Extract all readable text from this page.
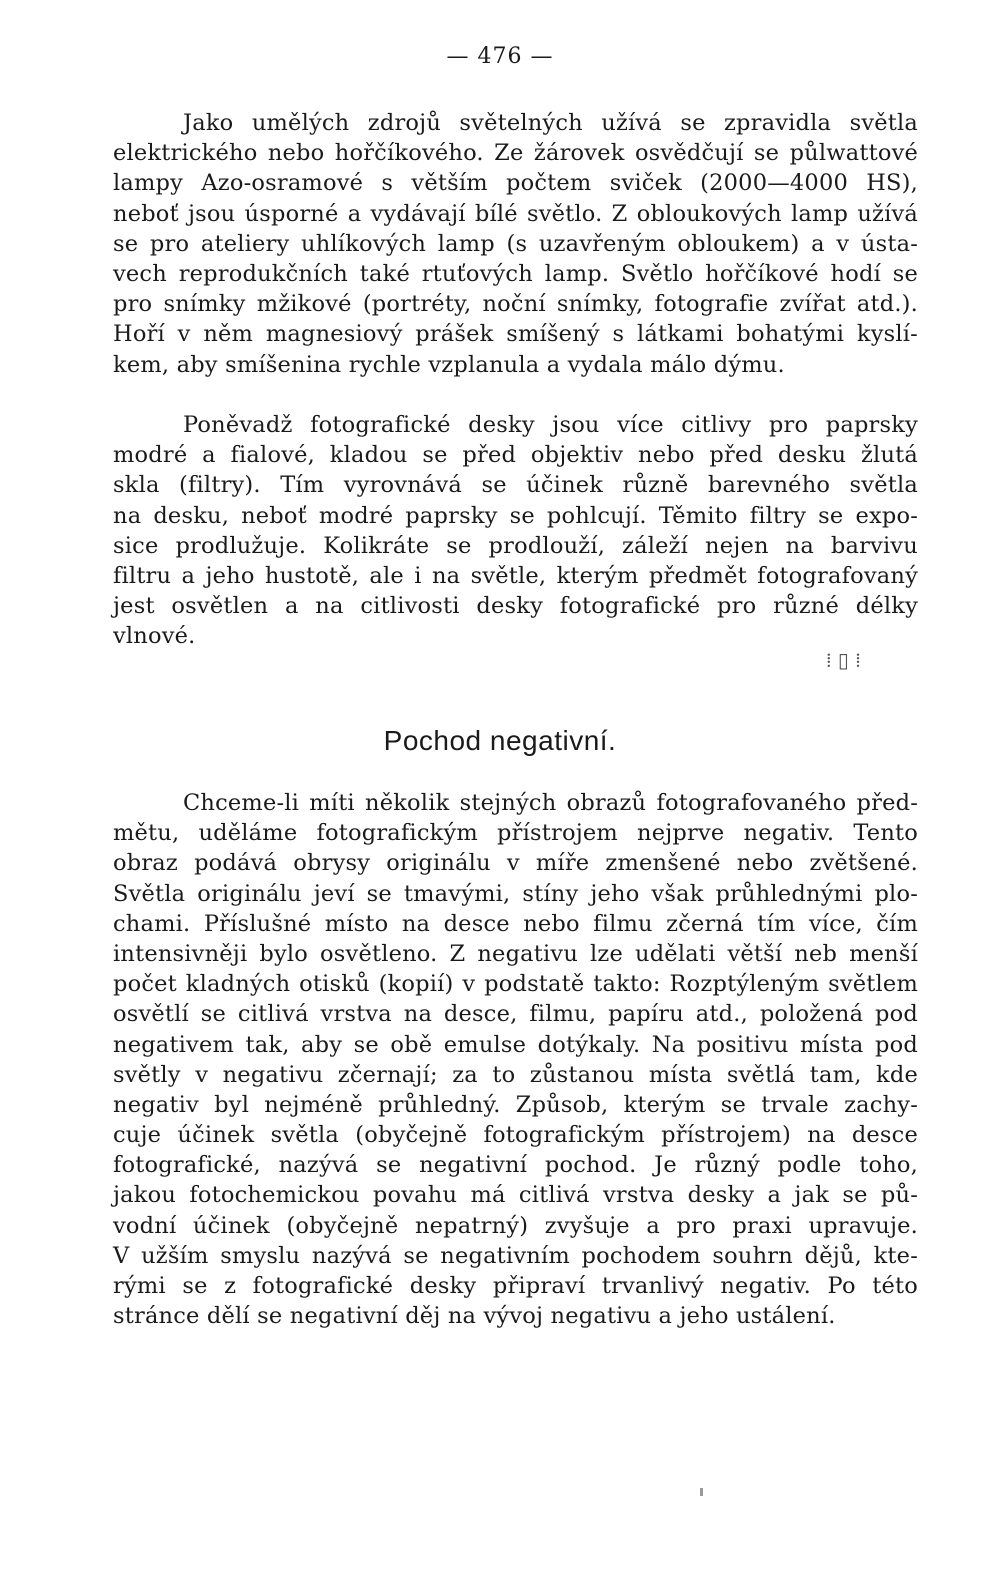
— 476 —
Jako umělých zdrojů světelných užívá se zpravidla světla
elektrického nebo hořčíkového. Ze žárovek osvědčují se půlwattové
lampy Azo-osramové s větším počtem sviček (2000—4000 HS),
neboť jsou úsporné a vydávají bílé světlo. Z obloukových lamp užívá
se pro ateliery uhlíkových lamp (s uzavřeným obloukem) a v ústa-
vech reprodukčních také rtuťových lamp. Světlo hořčíkové hodí se
pro snímky mžikové (portréty, noční snímky, fotografie zvířat atd.).
Hoří v něm magnesiový prášek smíšený s látkami bohatými kyslí-
kem, aby smíšenina rychle vzplanula a vydala málo dýmu.
Poněvadž fotografické desky jsou více citlivy pro paprsky
modré a fialové, kladou se před objektiv nebo před desku žlutá
skla (filtry). Tím vyrovnává se účinek různě barevného světla
na desku, neboť modré paprsky se pohlcují. Těmito filtry se expo-
sice prodlužuje. Kolikráte se prodlouží, záleží nejen na barvivu
filtru a jeho hustotě, ale i na světle, kterým předmět fotografovaný
jest osvětlen a na citlivosti desky fotografické pro různé délky
vlnové.
⁞ ▯ ⁞
Pochod negativní.
Chceme-li míti několik stejných obrazů fotografovaného před-
mětu, uděláme fotografickým přístrojem nejprve negativ. Tento
obraz podává obrysy originálu v míře zmenšené nebo zvětšené.
Světla originálu jeví se tmavými, stíny jeho však průhlednými plo-
chami. Příslušné místo na desce nebo filmu zčerná tím více, čím
intensivněji bylo osvětleno. Z negativu lze udělati větší neb menší
počet kladných otisků (kopií) v podstatě takto: Rozptýleným světlem
osvětlí se citlivá vrstva na desce, filmu, papíru atd., položená pod
negativem tak, aby se obě emulse dotýkaly. Na positivu místa pod
světly v negativu zčernají; za to zůstanou místa světlá tam, kde
negativ byl nejméně průhledný. Způsob, kterým se trvale zachy-
cuje účinek světla (obyčejně fotografickým přístrojem) na desce
fotografické, nazývá se negativní pochod. Je různý podle toho,
jakou fotochemickou povahu má citlivá vrstva desky a jak se pů-
vodní účinek (obyčejně nepatrný) zvyšuje a pro praxi upravuje.
V užším smyslu nazývá se negativním pochodem souhrn dějů, kte-
rými se z fotografické desky připraví trvanlivý negativ. Po této
stránce dělí se negativní děj na vývoj negativu a jeho ustálení.
